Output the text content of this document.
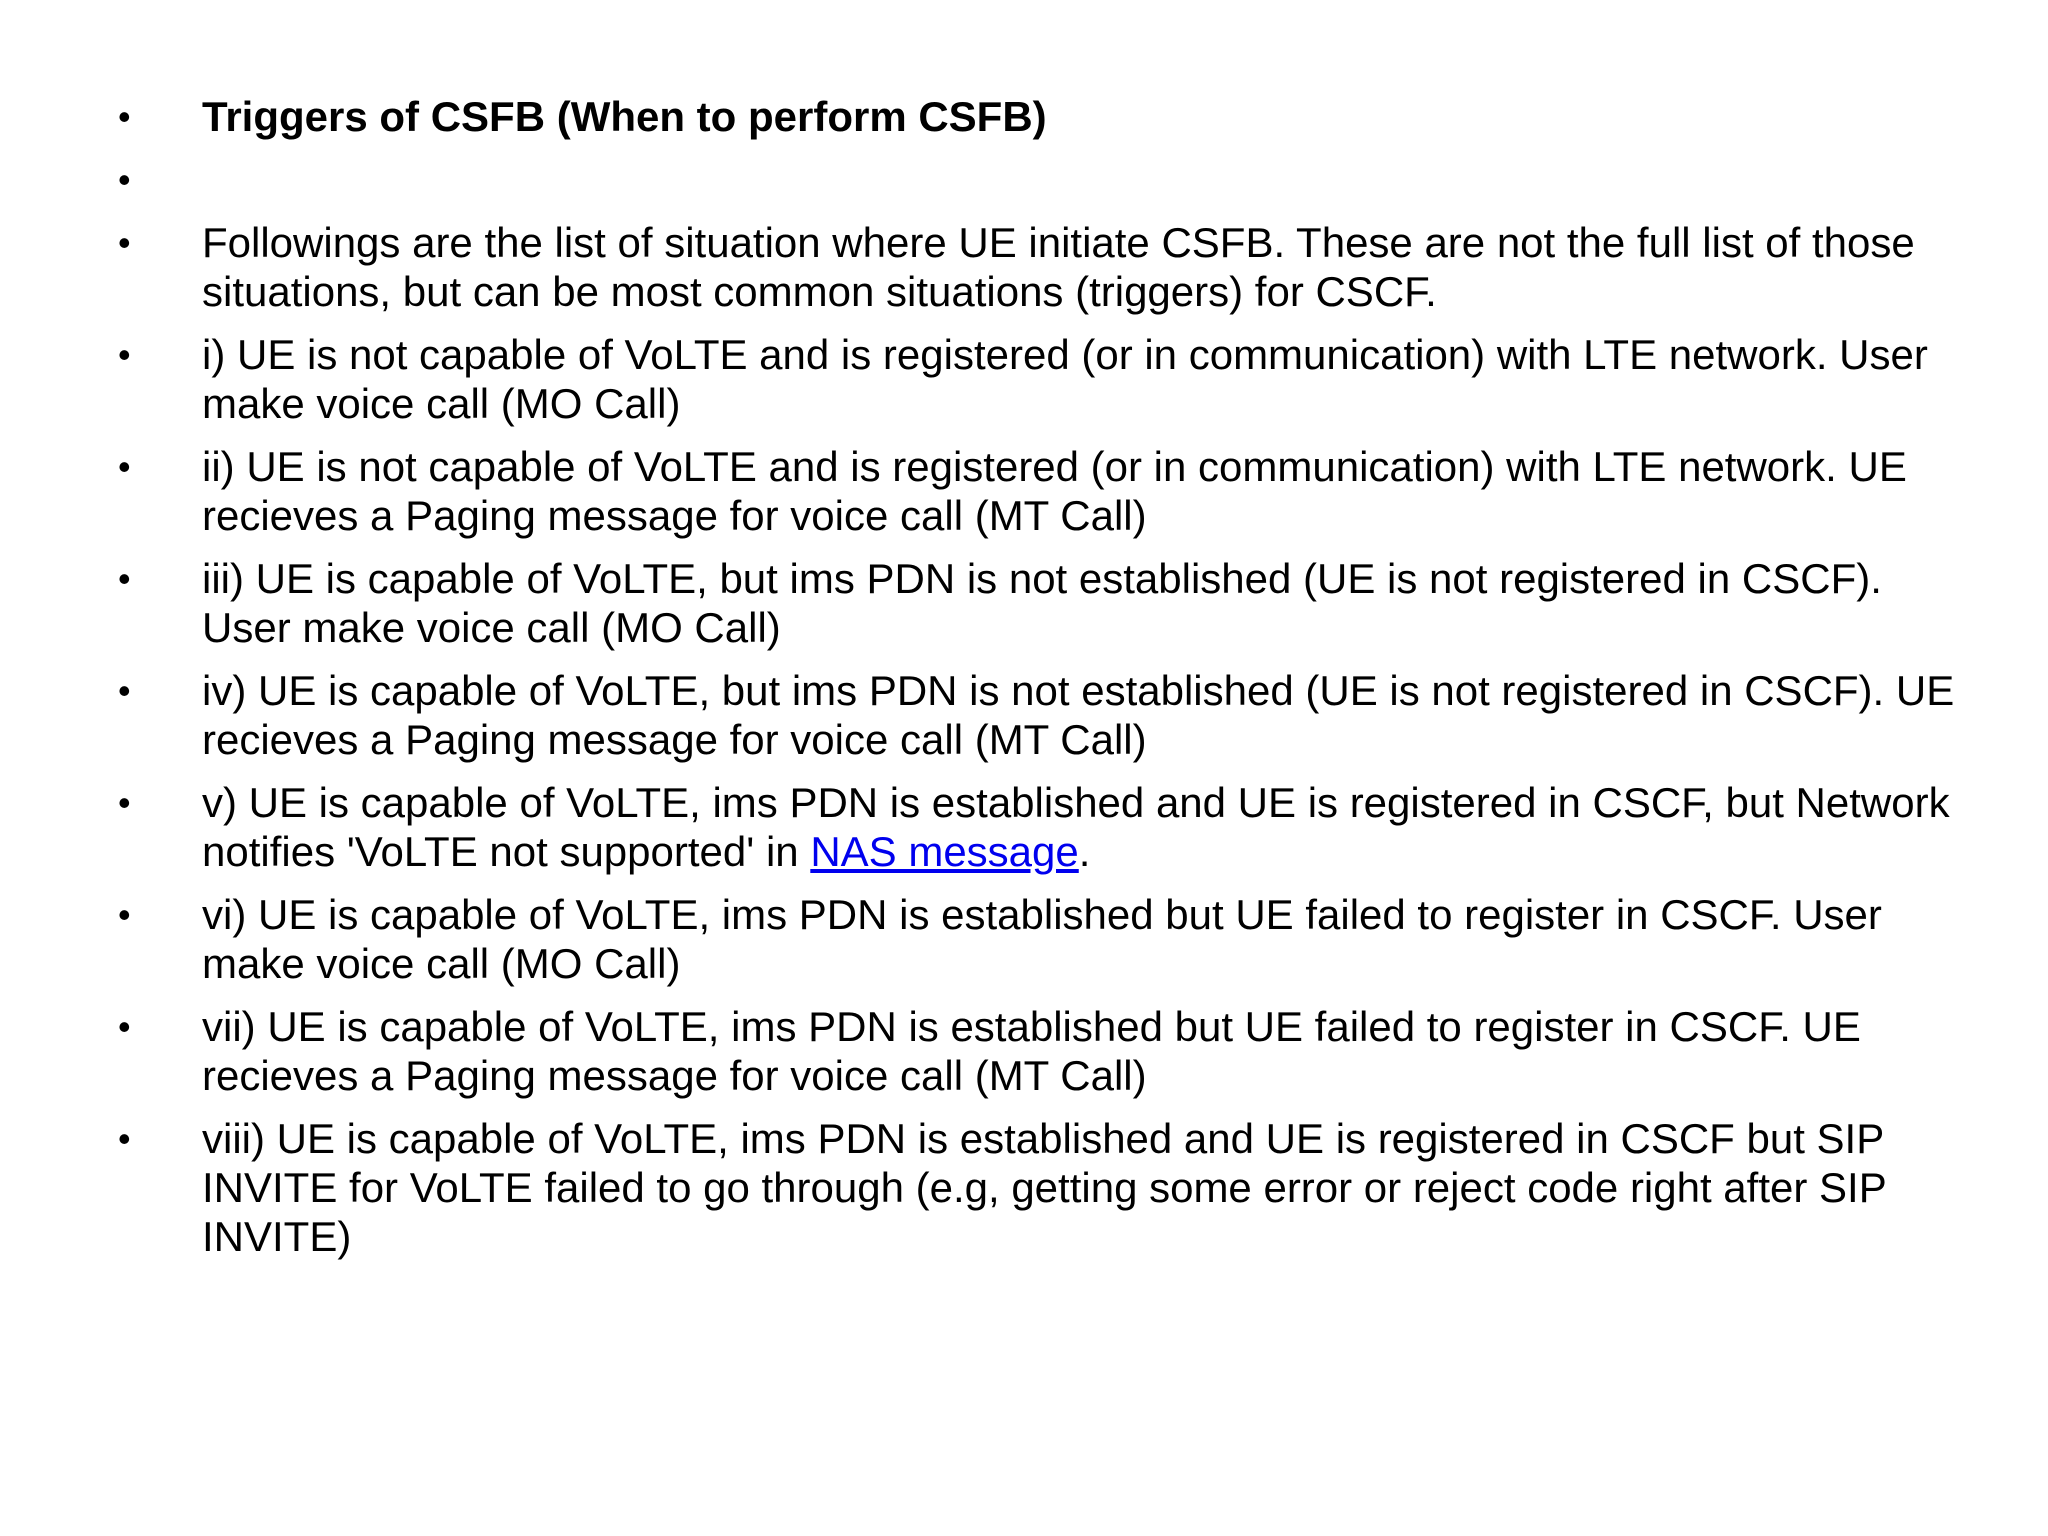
•	Triggers of CSFB (When to perform CSFB)
•
•	Followings are the list of situation where UE initiate CSFB. These are not the full list of those situations, but can be most common situations (triggers) for CSCF.
•	i) UE is not capable of VoLTE and is registered (or in communication) with LTE network. User make voice call (MO Call)
•	ii) UE is not capable of VoLTE and is registered (or in communication) with LTE network. UE recieves a Paging message for voice call (MT Call)
•	iii) UE is capable of VoLTE, but ims PDN is not established (UE is not registered in CSCF). User make voice call (MO Call)
•	iv) UE is capable of VoLTE, but ims PDN is not established (UE is not registered in CSCF). UE recieves a Paging message for voice call (MT Call)
•	v) UE is capable of VoLTE, ims PDN is established and UE is registered in CSCF, but Network notifies 'VoLTE not supported' in NAS message.
•	vi) UE is capable of VoLTE, ims PDN is established but UE failed to register in CSCF. User make voice call (MO Call)
•	vii) UE is capable of VoLTE, ims PDN is established but UE failed to register in CSCF. UE recieves a Paging message for voice call (MT Call)
•	viii) UE is capable of VoLTE, ims PDN is established and UE is registered in CSCF but SIP INVITE for VoLTE failed to go through (e.g, getting some error or reject code right after SIP INVITE)
